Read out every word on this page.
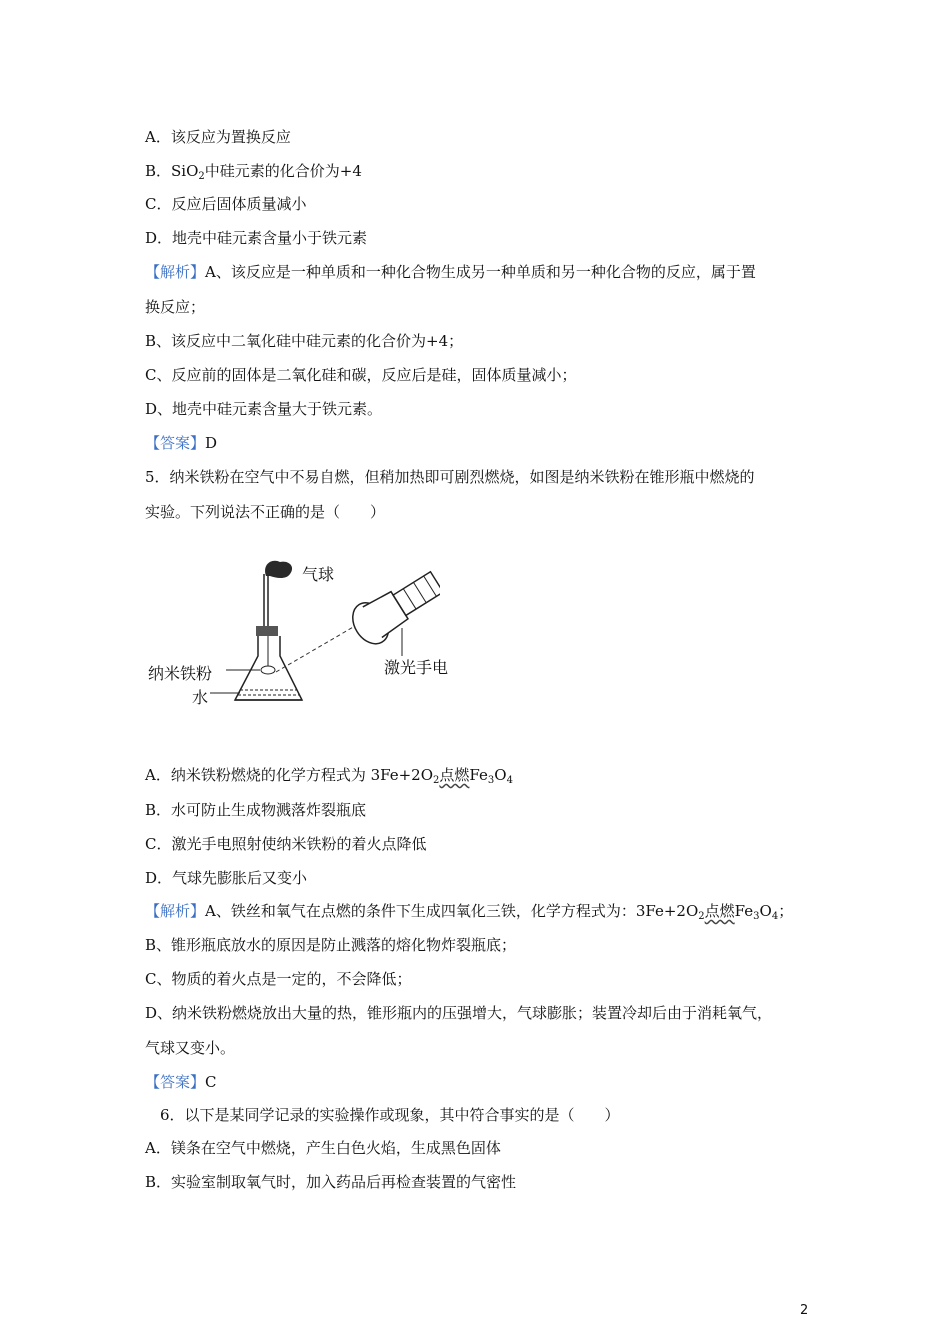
A．该反应为置换反应
B．SiO$_2$中硅元素的化合价为+4
C．反应后固体质量减小
D．地壳中硅元素含量小于铁元素
【解析】A、该反应是一种单质和一种化合物生成另一种单质和另一种化合物的反应，属于置
换反应；
B、该反应中二氧化硅中硅元素的化合价为+4；
C、反应前的固体是二氧化硅和碳，反应后是硅，固体质量减小；
D、地壳中硅元素含量大于铁元素。
【答案】D
5．纳米铁粉在空气中不易自燃，但稍加热即可剧烈燃烧，如图是纳米铁粉在锥形瓶中燃烧的
实验。下列说法不正确的是（　　）
气球
激光手电
纳米铁粉
水
A．纳米铁粉燃烧的化学方程式为 $3Fe+2O_2$点燃$Fe_3O_4$
B．水可防止生成物溅落炸裂瓶底
C．激光手电照射使纳米铁粉的着火点降低
D．气球先膨胀后又变小
【解析】A、铁丝和氧气在点燃的条件下生成四氧化三铁，化学方程式为：$3Fe+2O_2$点燃$Fe_3O_4$；
B、锥形瓶底放水的原因是防止溅落的熔化物炸裂瓶底；
C、物质的着火点是一定的，不会降低；
D、纳米铁粉燃烧放出大量的热，锥形瓶内的压强增大，气球膨胀；装置冷却后由于消耗氧气，
气球又变小。
【答案】C
6．以下是某同学记录的实验操作或现象，其中符合事实的是（　　）
A．镁条在空气中燃烧，产生白色火焰，生成黑色固体
B．实验室制取氧气时，加入药品后再检查装置的气密性
2
